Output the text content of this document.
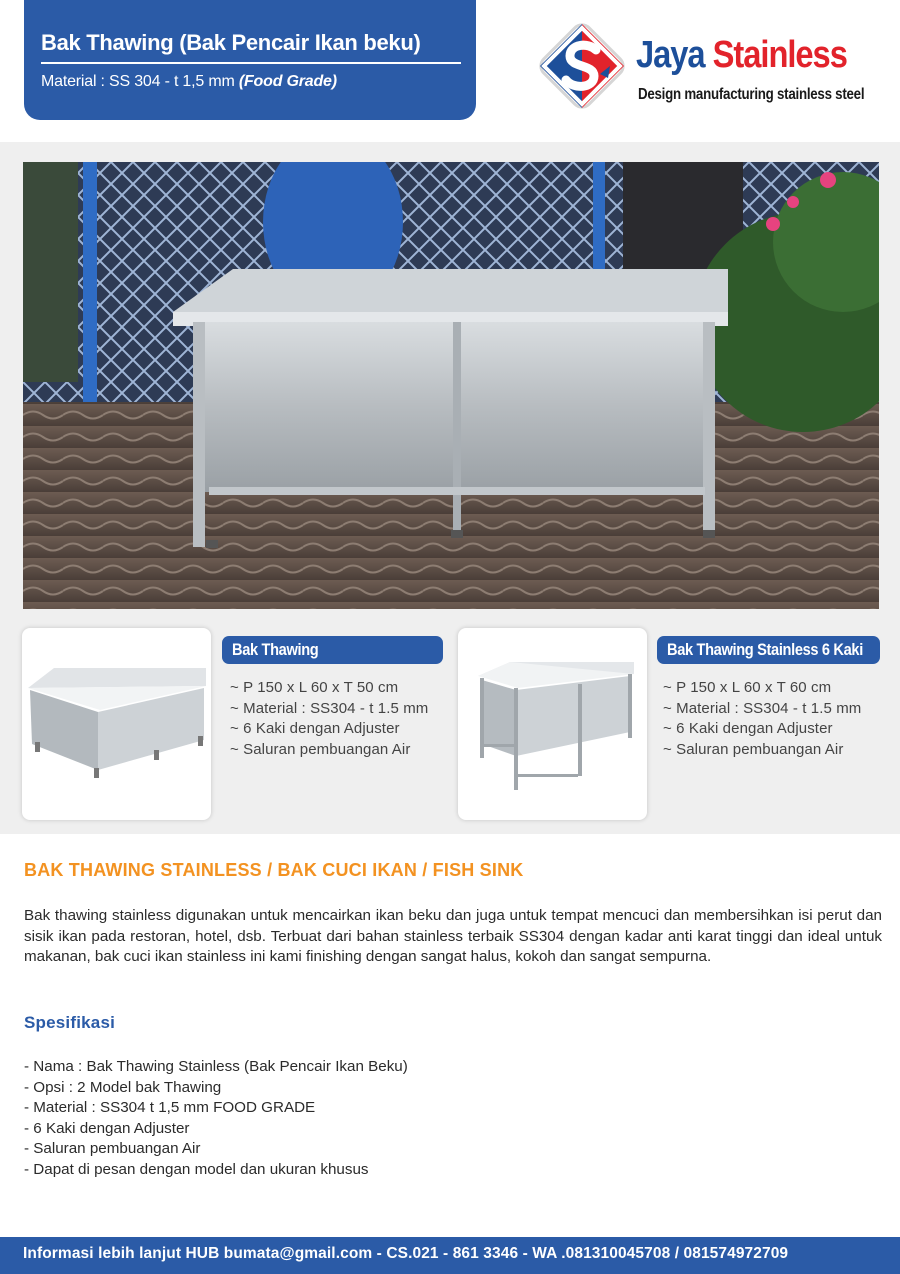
Bak Thawing (Bak Pencair Ikan beku)
Material : SS 304 - t 1,5 mm (Food Grade)
Jaya Stainless
Design manufacturing stainless steel
Bak Thawing
~ P 150 x L 60 x T 50 cm
~ Material : SS304 - t 1.5 mm
~ 6 Kaki dengan Adjuster
~ Saluran pembuangan Air
Bak Thawing Stainless 6 Kaki
~ P 150 x L 60 x T 60 cm
~ Material : SS304 - t 1.5 mm
~ 6 Kaki dengan Adjuster
~ Saluran pembuangan Air
BAK THAWING STAINLESS / BAK CUCI IKAN / FISH SINK

Bak thawing stainless digunakan untuk mencairkan ikan beku dan juga untuk tempat mencuci dan membersihkan isi perut dan sisik ikan pada restoran, hotel, dsb. Terbuat dari bahan stainless terbaik SS304 dengan kadar anti karat tinggi dan ideal untuk makanan, bak cuci ikan stainless ini kami finishing dengan sangat halus, kokoh dan sangat sempurna.

Spesifikasi
- Nama : Bak Thawing Stainless (Bak Pencair Ikan Beku)
- Opsi : 2 Model bak Thawing
- Material : SS304 t 1,5 mm FOOD GRADE
- 6 Kaki dengan Adjuster
- Saluran pembuangan Air
- Dapat di pesan dengan model dan ukuran khusus
Informasi lebih lanjut HUB bumata@gmail.com - CS.021 - 861 3346 - WA .081310045708 / 081574972709
